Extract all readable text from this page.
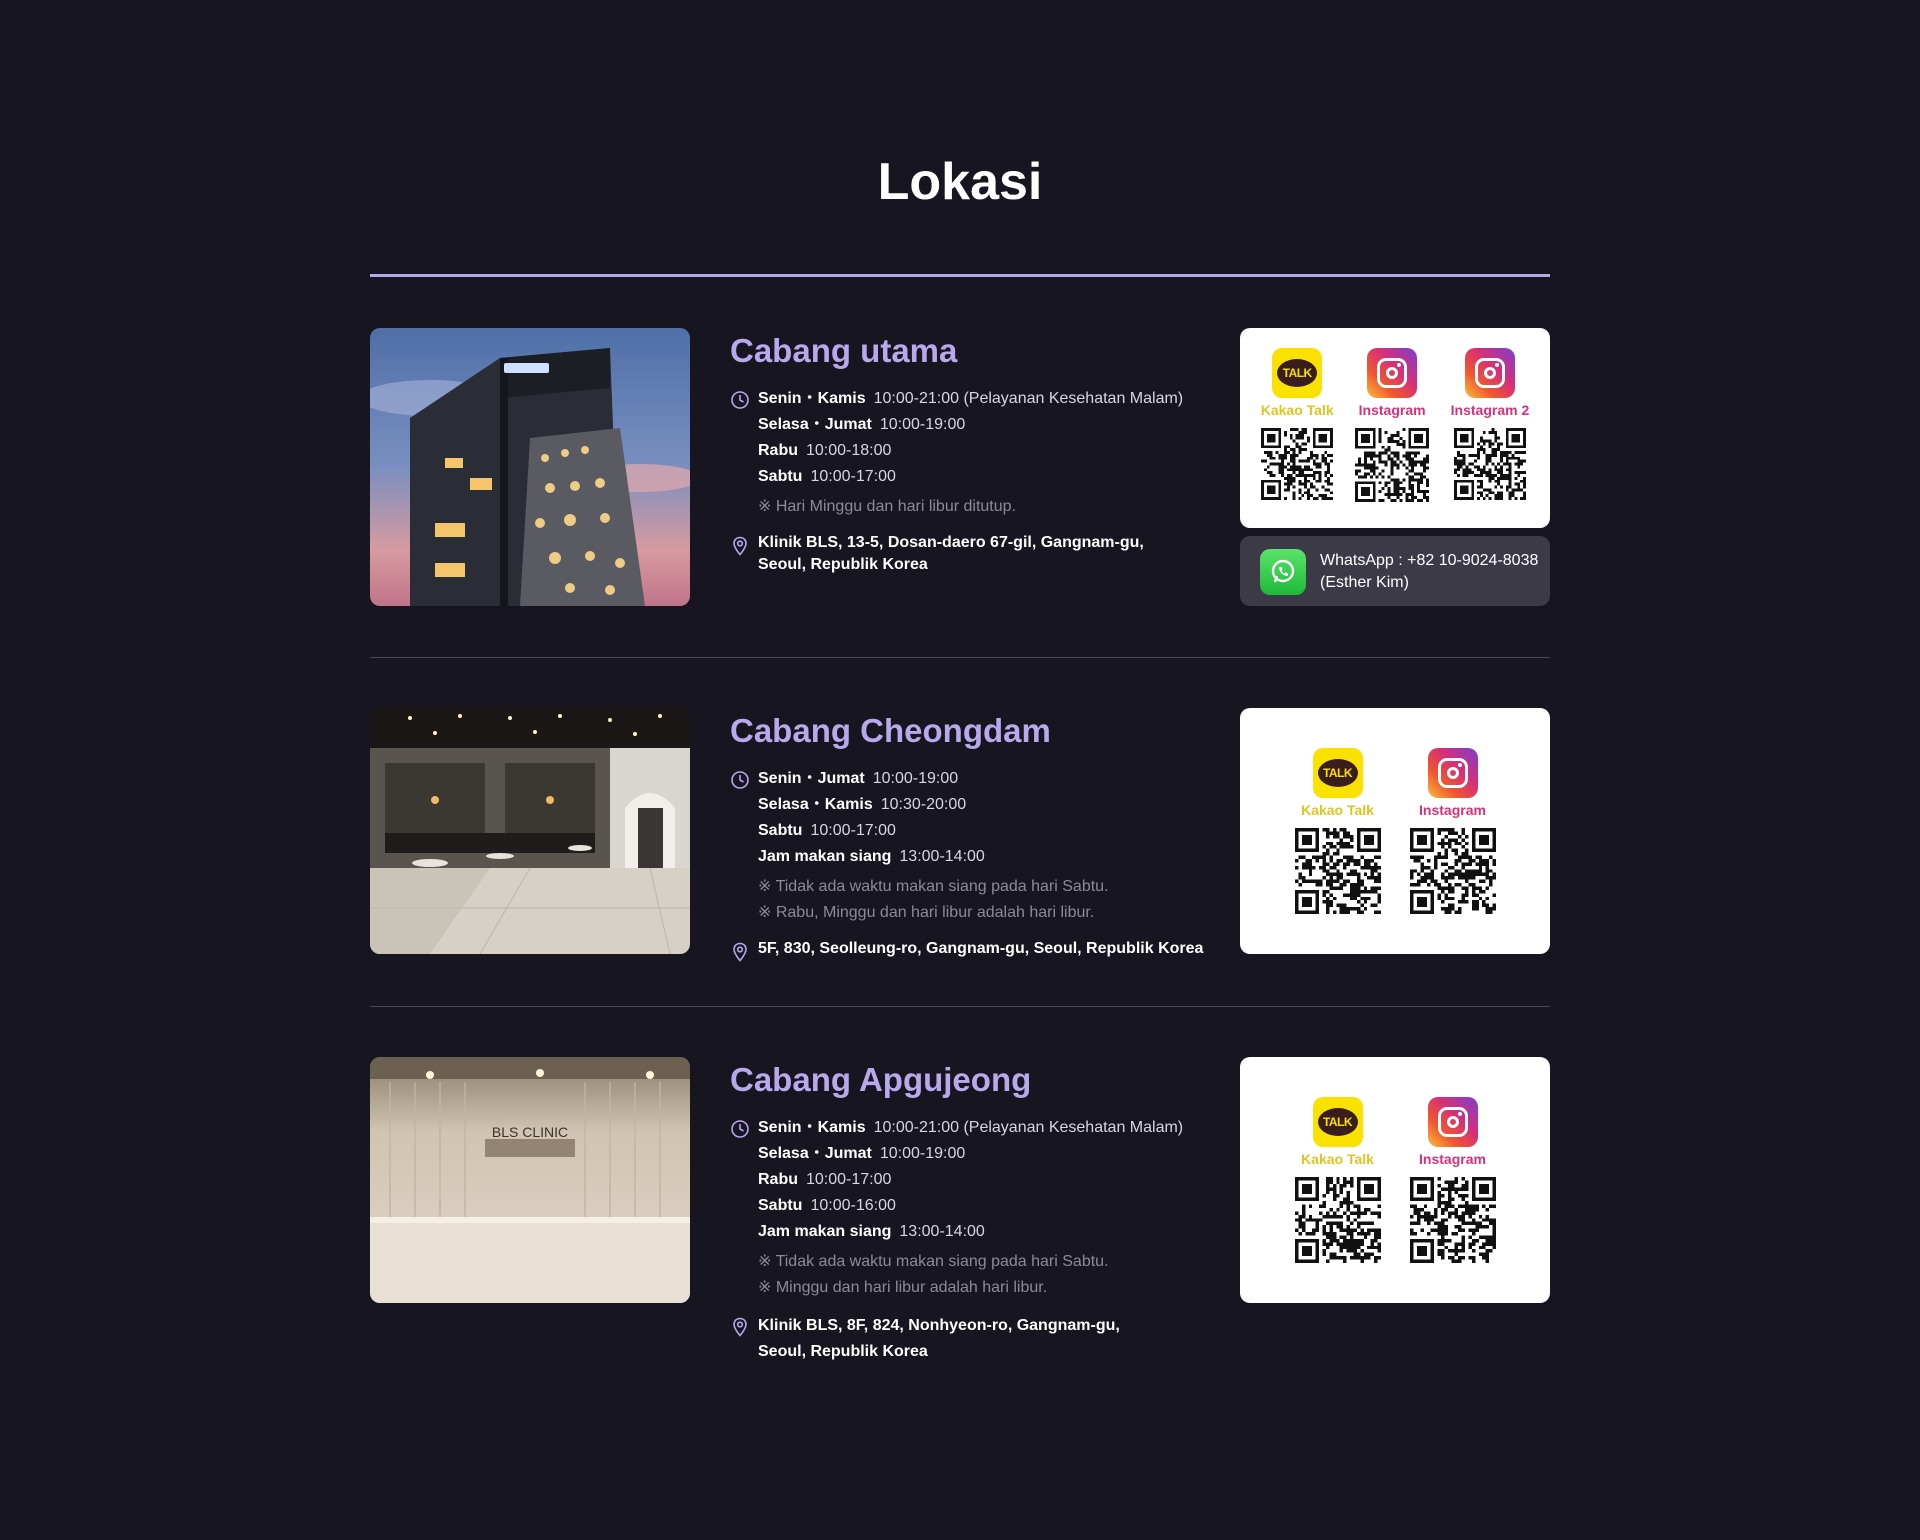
Lokasi
Cabang utama
Senin・Kamis 10:00-21:00 (Pelayanan Kesehatan Malam)
Selasa・Jumat 10:00-19:00
Rabu 10:00-18:00
Sabtu 10:00-17:00
※ Hari Minggu dan hari libur ditutup.
Klinik BLS, 13-5, Dosan-daero 67-gil, Gangnam-gu, Seoul, Republik Korea
TALK
Kakao Talk Instagram Instagram 2
WhatsApp : +82 10-9024-8038
(Esther Kim)
Cabang Cheongdam
Senin・Jumat 10:00-19:00
Selasa・Kamis 10:30-20:00
Sabtu 10:00-17:00
Jam makan siang 13:00-14:00
※ Tidak ada waktu makan siang pada hari Sabtu.
※ Rabu, Minggu dan hari libur adalah hari libur.
5F, 830, Seolleung-ro, Gangnam-gu, Seoul, Republik Korea
TALK
Kakao Talk	Instagram
BLS CLINIC
Cabang Apgujeong
Senin・Kamis 10:00-21:00 (Pelayanan Kesehatan Malam)
Selasa・Jumat 10:00-19:00
Rabu 10:00-17:00
Sabtu 10:00-16:00
Jam makan siang 13:00-14:00
※ Tidak ada waktu makan siang pada hari Sabtu.
※ Minggu dan hari libur adalah hari libur.
Klinik BLS, 8F, 824, Nonhyeon-ro, Gangnam-gu, Seoul, Republik Korea
TALK
Kakao Talk	Instagram
